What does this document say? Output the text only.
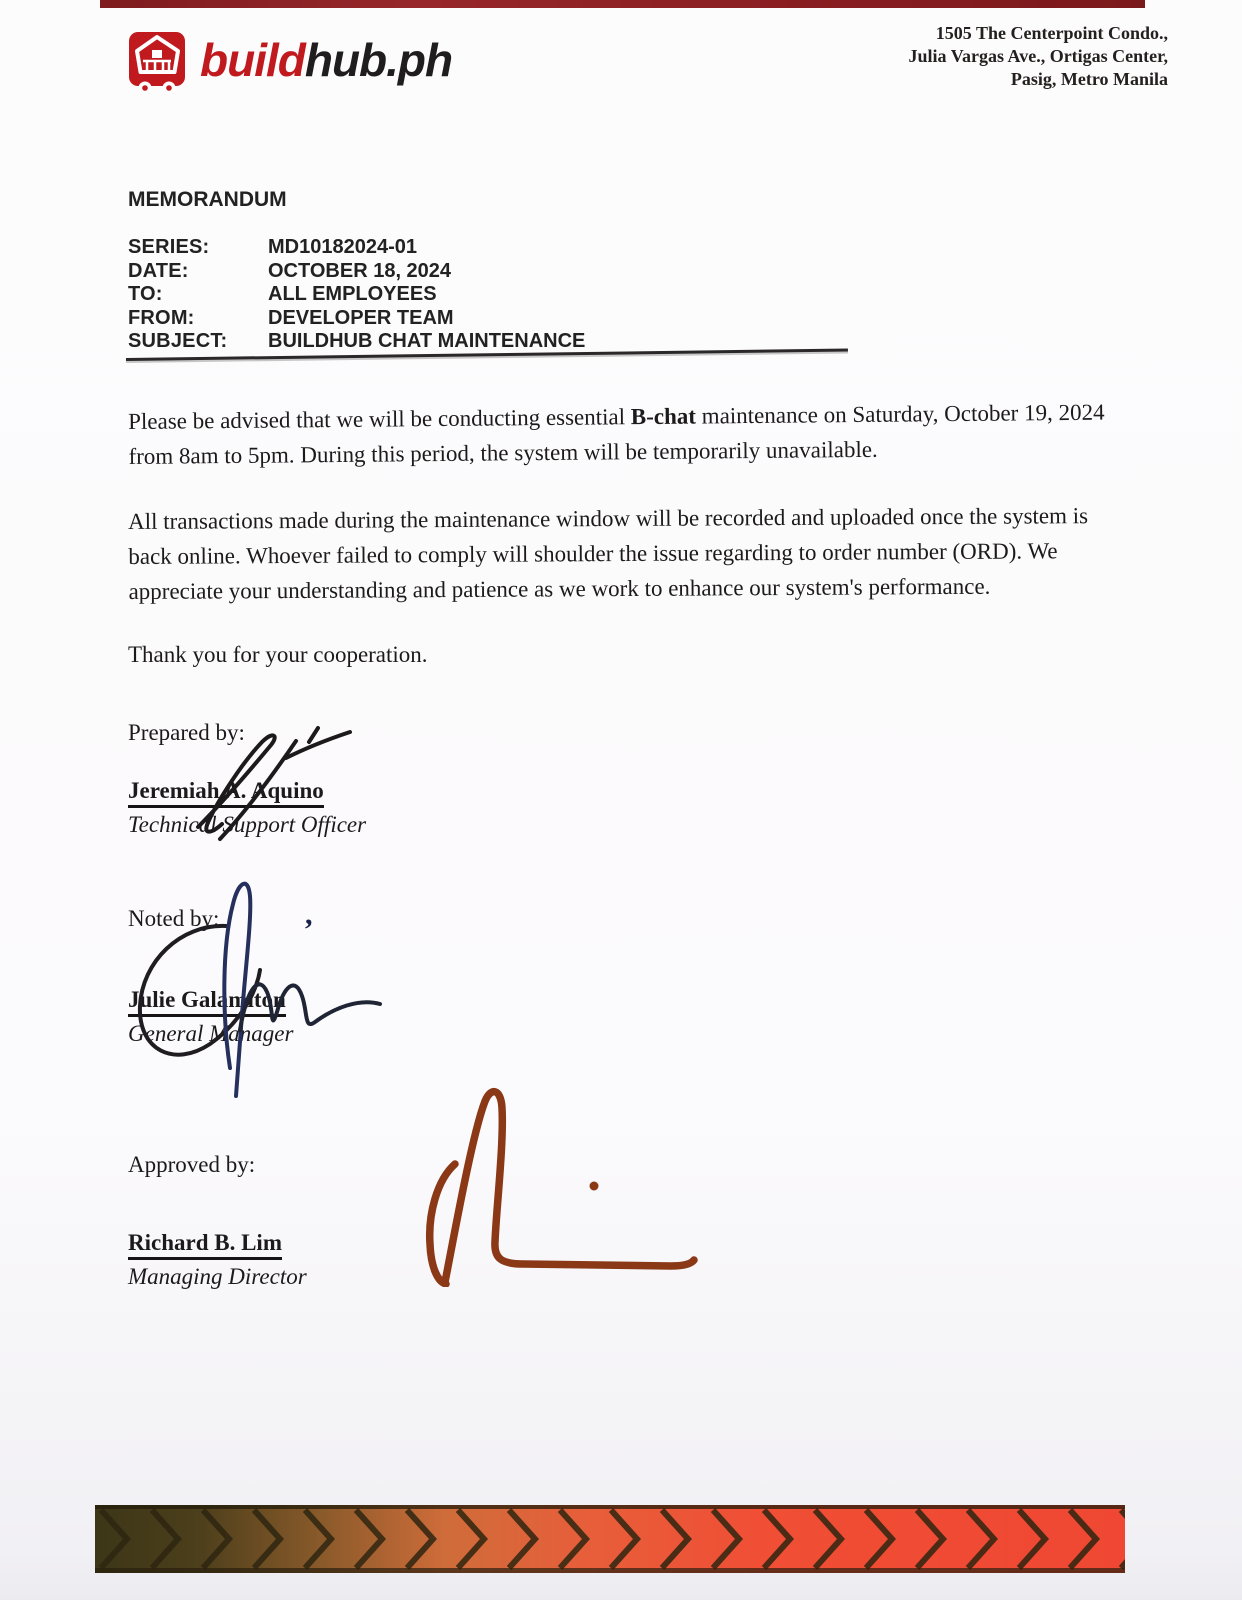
buildhub.ph
1505 The Centerpoint Condo.,
Julia Vargas Ave., Ortigas Center,
Pasig, Metro Manila
MEMORANDUM
SERIES:	MD10182024-01
DATE:	OCTOBER 18, 2024
TO:	ALL EMPLOYEES
FROM:	DEVELOPER TEAM
SUBJECT:	BUILDHUB CHAT MAINTENANCE

Please be advised that we will be conducting essential B-chat maintenance on Saturday, October 19, 2024 from 8am to 5pm. During this period, the system will be temporarily unavailable.

All transactions made during the maintenance window will be recorded and uploaded once the system is back online. Whoever failed to comply will shoulder the issue regarding to order number (ORD). We appreciate your understanding and patience as we work to enhance our system's performance.

Thank you for your cooperation.

Prepared by:
Jeremiah A. Aquino
Technical Support Officer
Noted by:
Julie Galamiton
General Manager
,
Approved by:
Richard B. Lim
Managing Director
